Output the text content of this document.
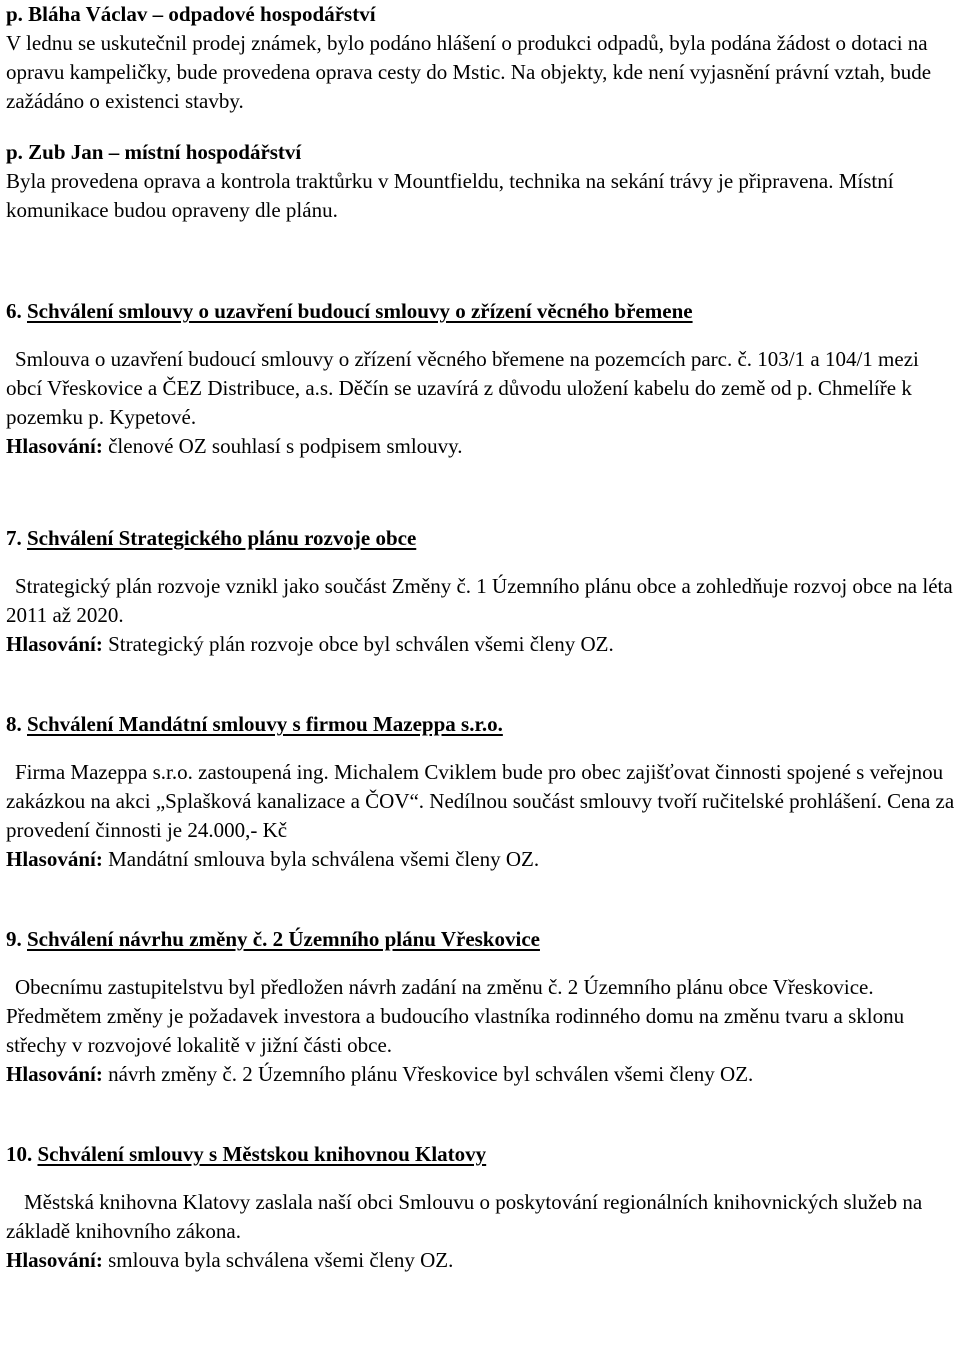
p. Bláha Václav – odpadové hospodářství

V lednu se uskutečnil prodej známek, bylo podáno hlášení o produkci odpadů, byla podána žádost o dotaci na opravu kampeličky, bude provedena oprava cesty do Mstic. Na objekty, kde není vyjasnění právní vztah, bude zažádáno o existenci stavby.

p. Zub Jan – místní hospodářství

Byla provedena oprava a kontrola traktůrku v Mountfieldu, technika na sekání trávy je připravena. Místní komunikace budou opraveny dle plánu.

6. Schválení smlouvy o uzavření budoucí smlouvy o zřízení věcného břemene

Smlouva o uzavření budoucí smlouvy o zřízení věcného břemene na pozemcích parc. č. 103/1 a 104/1 mezi obcí Vřeskovice a ČEZ Distribuce, a.s. Děčín se uzavírá z důvodu uložení kabelu do země od p. Chmelíře k pozemku p. Kypetové.

Hlasování: členové OZ souhlasí s podpisem smlouvy.

7. Schválení Strategického plánu rozvoje obce

Strategický plán rozvoje vznikl jako součást Změny č. 1 Územního plánu obce a zohledňuje rozvoj obce na léta 2011 až 2020.

Hlasování: Strategický plán rozvoje obce byl schválen všemi členy OZ.

8. Schválení Mandátní smlouvy s firmou Mazeppa s.r.o.

Firma Mazeppa s.r.o. zastoupená ing. Michalem Cviklem bude pro obec zajišťovat činnosti spojené s veřejnou zakázkou na akci „Splašková kanalizace a ČOV“. Nedílnou součást smlouvy tvoří ručitelské prohlášení. Cena za provedení činnosti je 24.000,- Kč

Hlasování: Mandátní smlouva byla schválena všemi členy OZ.

9. Schválení návrhu změny č. 2 Územního plánu Vřeskovice

Obecnímu zastupitelstvu byl předložen návrh zadání na změnu č. 2 Územního plánu obce Vřeskovice. Předmětem změny je požadavek investora a budoucího vlastníka rodinného domu na změnu tvaru a sklonu střechy v rozvojové lokalitě v jižní části obce.

Hlasování: návrh změny č. 2 Územního plánu Vřeskovice byl schválen všemi členy OZ.

10. Schválení smlouvy s Městskou knihovnou Klatovy

Městská knihovna Klatovy zaslala naší obci Smlouvu o poskytování regionálních knihovnických služeb na základě knihovního zákona.

Hlasování: smlouva byla schválena všemi členy OZ.
